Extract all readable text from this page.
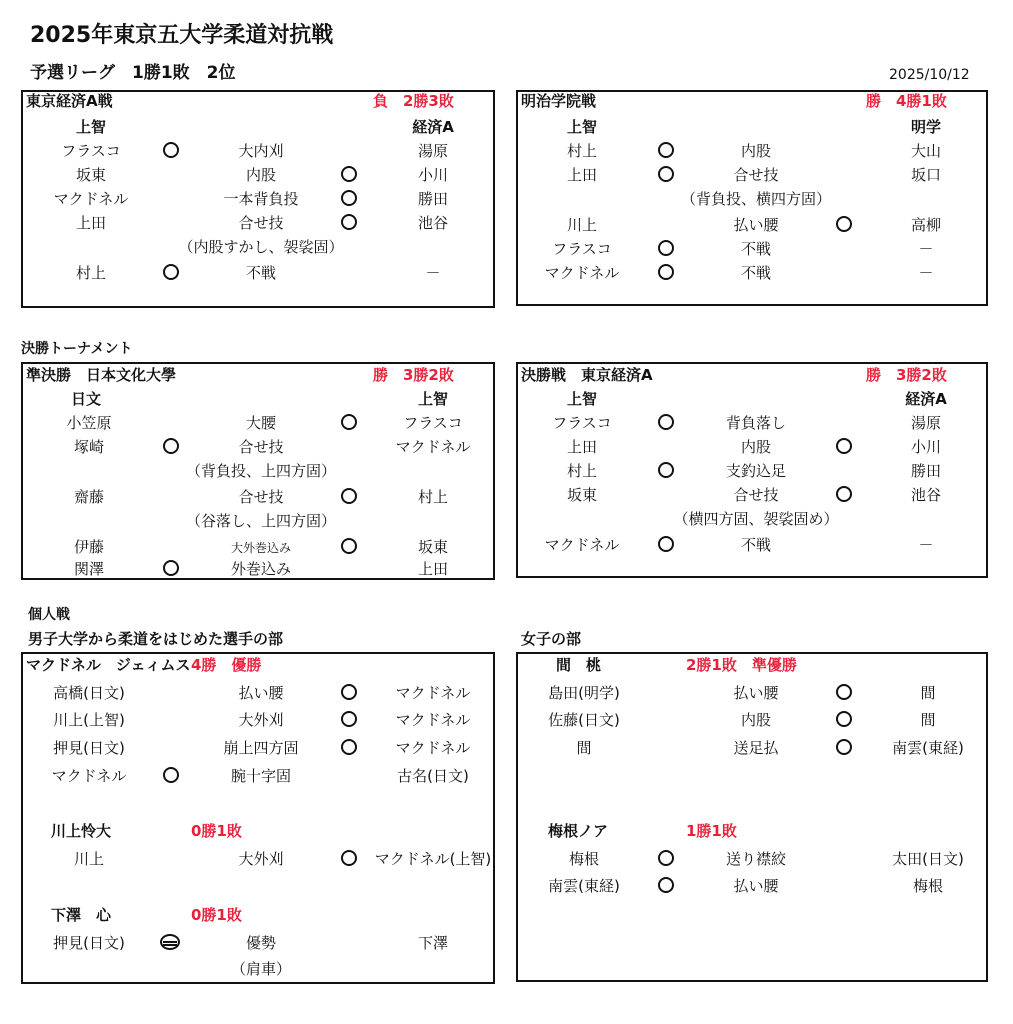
2025年東京五大学柔道対抗戦
予選リーグ　1勝1敗　2位	2025/10/12
東京経済A戦	負　2勝3敗
上智	経済A
フラスコ	大内刈	湯原
坂東	内股	小川
マクドネル	一本背負投	勝田
上田	合せ技	池谷
（内股すかし、袈裟固）
村上	不戦	－
明治学院戦	勝　4勝1敗
上智	明学
村上	内股	大山
上田	合せ技	坂口
（背負投、横四方固）
川上	払い腰	高柳
フラスコ	不戦	－
マクドネル	不戦	－
決勝トーナメント
準決勝　日本文化大學	勝　3勝2敗
日文	上智
小笠原	大腰	フラスコ
塚崎	合せ技	マクドネル
（背負投、上四方固）
齋藤	合せ技	村上
（谷落し、上四方固）
伊藤	大外巻込み	坂東
関澤	外巻込み	上田
決勝戦　東京経済A	勝　3勝2敗
上智	経済A
フラスコ	背負落し	湯原
上田	内股	小川
村上	支釣込足	勝田
坂東	合せ技	池谷
（横四方固、袈裟固め）
マクドネル	不戦	－
個人戦
男子大学から柔道をはじめた選手の部	女子の部
マクドネル　ジェィムス 4勝　優勝
高橋(日文)	払い腰	マクドネル
川上(上智)	大外刈	マクドネル
押見(日文)	崩上四方固	マクドネル
マクドネル	腕十字固	古名(日文)
川上怜大	0勝1敗
川上	大外刈	マクドネル(上智)
下澤　心	0勝1敗
押見(日文)	優勢	下澤
（肩車）
間　桃	2勝1敗　準優勝
島田(明学)	払い腰	間
佐藤(日文)	内股	間
間	送足払	南雲(東経)
梅根ノア	1勝1敗
梅根	送り襟絞	太田(日文)
南雲(東経)	払い腰	梅根
